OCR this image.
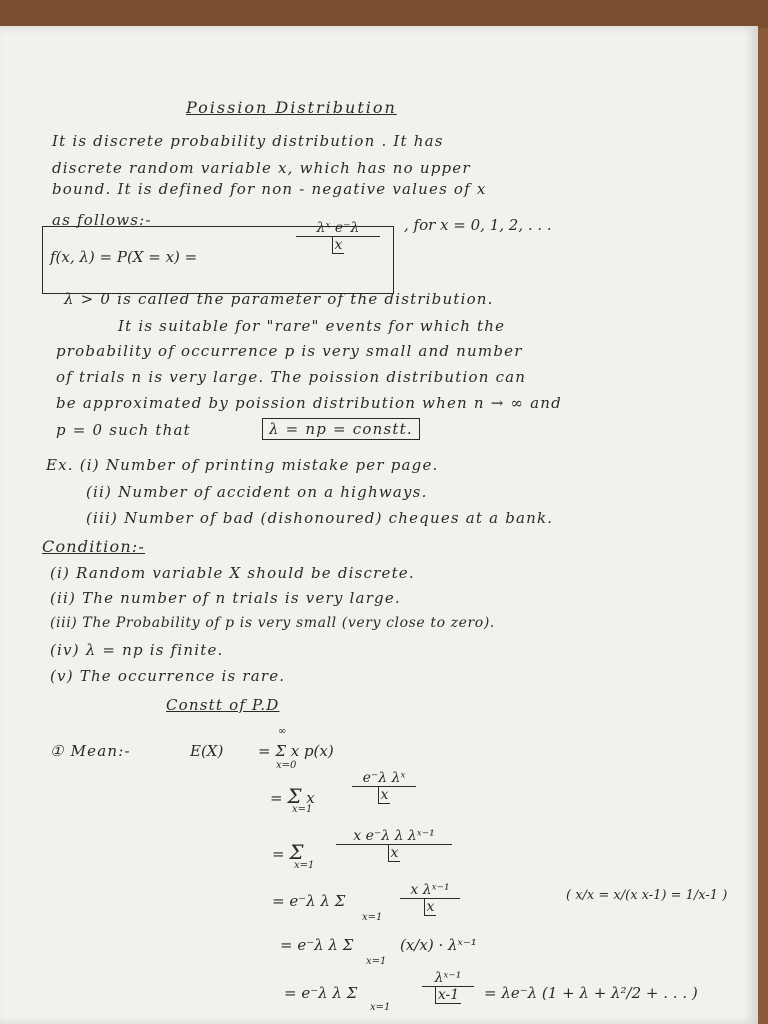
Poission Distribution
It is discrete probability distribution . It has
discrete random variable x, which has no upper
bound. It is defined for non - negative values of x
as follows:-
f(x, λ) = P(X = x) =
$\frac{\text{λˣ e⁻λ}}{x}$ , for x = 0, 1, 2, . . .
λ > 0 is called the parameter of the distribution.
It is suitable for "rare" events for which the
probability of occurrence p is very small and number
of trials n is very large. The poission distribution can
be approximated by poission distribution when n → ∞ and
p = 0 such that	λ = np = constt.
Ex. (i) Number of printing mistake per page.
(ii) Number of accident on a highways.
(iii) Number of bad (dishonoured) cheques at a bank.
Condition:-
(i) Random variable X should be discrete.
(ii) The number of n trials is very large.
(iii) The Probability of p is very small (very close to zero).
(iv) λ = np is finite.
(v) The occurrence is rare.
Constt of P.D
① Mean:-	E(X) = Σ x p(x)
∞
x=0
= Σ x
x=1
$\frac{\text{e⁻λ λˣ}}{x}$
= Σ
x=1
$\frac{\text{x e⁻λ λ λˣ⁻¹}}{x}$
= e⁻λ λ Σ
x=1
$\frac{\text{x λˣ⁻¹}}{x}$	( x/x = x/(x x-1) = 1/x-1 )
= e⁻λ λ Σ
x=1
(x/x) · λˣ⁻¹
= e⁻λ λ Σ
x=1
$\frac{\text{λˣ⁻¹}}{x-1} = \lambda e^-\lambda$ (1 + λ + λ²/2 + . . . )
